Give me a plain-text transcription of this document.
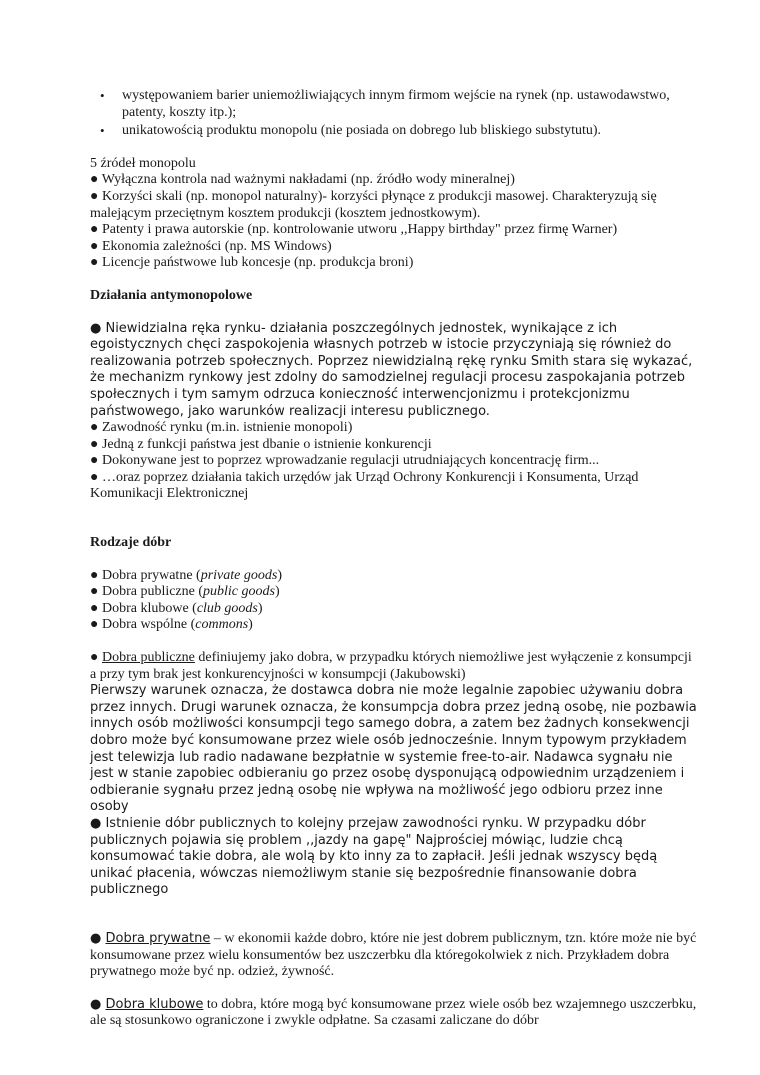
• występowaniem barier uniemożliwiających innym firmom wejście na rynek (np. ustawodawstwo, patenty, koszty itp.);
• unikatowością produktu monopolu (nie posiada on dobrego lub bliskiego substytutu).

5 źródeł monopolu

● Wyłączna kontrola nad ważnymi nakładami (np. źródło wody mineralnej)

● Korzyści skali (np. monopol naturalny)- korzyści płynące z produkcji masowej. Charakteryzują się malejącym przeciętnym kosztem produkcji (kosztem jednostkowym).

● Patenty i prawa autorskie (np. kontrolowanie utworu ,,Happy birthday" przez firmę Warner)

● Ekonomia zależności (np. MS Windows)

● Licencje państwowe lub koncesje (np. produkcja broni)

Działania antymonopolowe

● Niewidzialna ręka rynku- działania poszczególnych jednostek, wynikające z ich egoistycznych chęci zaspokojenia własnych potrzeb w istocie przyczyniają się również do realizowania potrzeb społecznych. Poprzez niewidzialną rękę rynku Smith stara się wykazać, że mechanizm rynkowy jest zdolny do samodzielnej regulacji procesu zaspokajania potrzeb społecznych i tym samym odrzuca konieczność interwencjonizmu i protekcjonizmu państwowego, jako warunków realizacji interesu publicznego.

● Zawodność rynku (m.in. istnienie monopoli)

● Jedną z funkcji państwa jest dbanie o istnienie konkurencji

● Dokonywane jest to poprzez wprowadzanie regulacji utrudniających koncentrację firm...

● …oraz poprzez działania takich urzędów jak Urząd Ochrony Konkurencji i Konsumenta, Urząd Komunikacji Elektronicznej

Rodzaje dóbr

● Dobra prywatne (private goods)

● Dobra publiczne (public goods)

● Dobra klubowe (club goods)

● Dobra wspólne (commons)

● Dobra publiczne definiujemy jako dobra, w przypadku których niemożliwe jest wyłączenie z konsumpcji a przy tym brak jest konkurencyjności w konsumpcji (Jakubowski)

Pierwszy warunek oznacza, że dostawca dobra nie może legalnie zapobiec używaniu dobra przez innych. Drugi warunek oznacza, że konsumpcja dobra przez jedną osobę, nie pozbawia innych osób możliwości konsumpcji tego samego dobra, a zatem bez żadnych konsekwencji dobro może być konsumowane przez wiele osób jednocześnie. Innym typowym przykładem jest telewizja lub radio nadawane bezpłatnie w systemie free-to-air. Nadawca sygnału nie jest w stanie zapobiec odbieraniu go przez osobę dysponującą odpowiednim urządzeniem i odbieranie sygnału przez jedną osobę nie wpływa na możliwość jego odbioru przez inne osoby

● Istnienie dóbr publicznych to kolejny przejaw zawodności rynku. W przypadku dóbr publicznych pojawia się problem ,,jazdy na gapę" Najprościej mówiąc, ludzie chcą konsumować takie dobra, ale wolą by kto inny za to zapłacił. Jeśli jednak wszyscy będą unikać płacenia, wówczas niemożliwym stanie się bezpośrednie finansowanie dobra publicznego

● Dobra prywatne – w ekonomii każde dobro, które nie jest dobrem publicznym, tzn. które może nie być konsumowane przez wielu konsumentów bez uszczerbku dla któregokolwiek z nich. Przykładem dobra prywatnego może być np. odzież, żywność.

● Dobra klubowe to dobra, które mogą być konsumowane przez wiele osób bez wzajemnego uszczerbku, ale są stosunkowo ograniczone i zwykle odpłatne. Sa czasami zaliczane do dóbr
